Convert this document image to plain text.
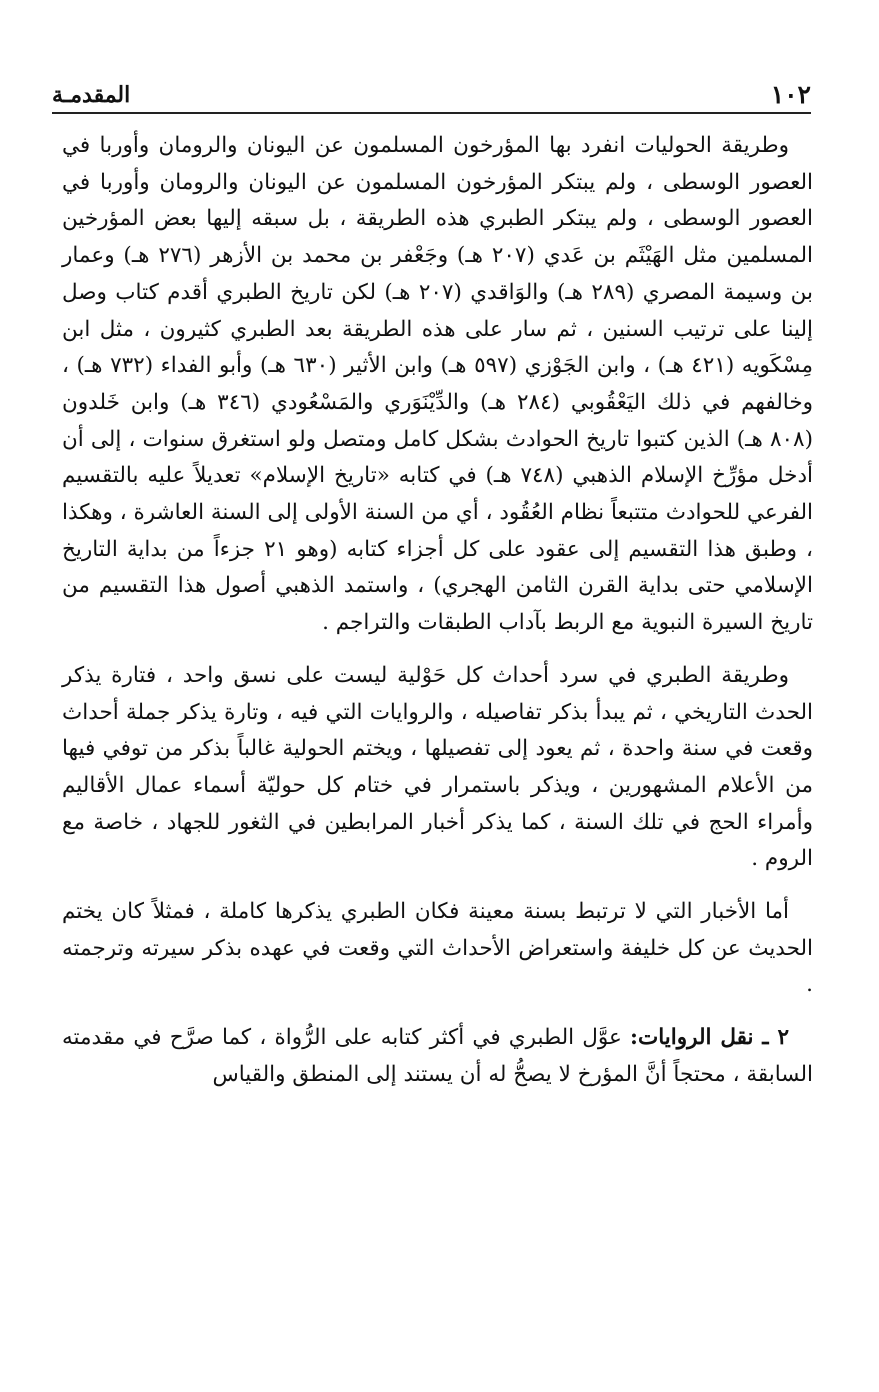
١٠٢
المقدمـة

وطريقة الحوليات انفرد بها المؤرخون المسلمون عن اليونان والرومان وأوربا في العصور الوسطى ، ولم يبتكر المؤرخون المسلمون عن اليونان والرومان وأوربا في العصور الوسطى ، ولم يبتكر الطبري هذه الطريقة ، بل سبقه إليها بعض المؤرخين المسلمين مثل الهَيْثَم بن عَدي (٢٠٧ هـ) وجَعْفر بن محمد بن الأزهر (٢٧٦ هـ) وعمار بن وسيمة المصري (٢٨٩ هـ) والوَاقدي (٢٠٧ هـ) لكن تاريخ الطبري أقدم كتاب وصل إلينا على ترتيب السنين ، ثم سار على هذه الطريقة بعد الطبري كثيرون ، مثل ابن مِسْكَويه (٤٢١ هـ) ، وابن الجَوْزي (٥٩٧ هـ) وابن الأثير (٦٣٠ هـ) وأبو الفداء (٧٣٢ هـ) ، وخالفهم في ذلك اليَعْقُوبي (٢٨٤ هـ) والدِّيْنَوَري والمَسْعُودي (٣٤٦ هـ) وابن خَلدون (٨٠٨ هـ) الذين كتبوا تاريخ الحوادث بشكل كامل ومتصل ولو استغرق سنوات ، إلى أن أدخل مؤرِّخ الإسلام الذهبي (٧٤٨ هـ) في كتابه «تاريخ الإسلام» تعديلاً عليه بالتقسيم الفرعي للحوادث متتبعاً نظام العُقُود ، أي من السنة الأولى إلى السنة العاشرة ، وهكذا ، وطبق هذا التقسيم إلى عقود على كل أجزاء كتابه (وهو ٢١ جزءاً من بداية التاريخ الإسلامي حتى بداية القرن الثامن الهجري) ، واستمد الذهبي أصول هذا التقسيم من تاريخ السيرة النبوية مع الربط بآداب الطبقات والتراجم .

وطريقة الطبري في سرد أحداث كل حَوْلية ليست على نسق واحد ، فتارة يذكر الحدث التاريخي ، ثم يبدأ بذكر تفاصيله ، والروايات التي فيه ، وتارة يذكر جملة أحداث وقعت في سنة واحدة ، ثم يعود إلى تفصيلها ، ويختم الحولية غالباً بذكر من توفي فيها من الأعلام المشهورين ، ويذكر باستمرار في ختام كل حوليّة أسماء عمال الأقاليم وأمراء الحج في تلك السنة ، كما يذكر أخبار المرابطين في الثغور للجهاد ، خاصة مع الروم .

أما الأخبار التي لا ترتبط بسنة معينة فكان الطبري يذكرها كاملة ، فمثلاً كان يختم الحديث عن كل خليفة واستعراض الأحداث التي وقعت في عهده بذكر سيرته وترجمته .

٢ ـ نقل الروايات: عوَّل الطبري في أكثر كتابه على الرُّواة ، كما صرَّح في مقدمته السابقة ، محتجاً أنَّ المؤرخ لا يصحُّ له أن يستند إلى المنطق والقياس
